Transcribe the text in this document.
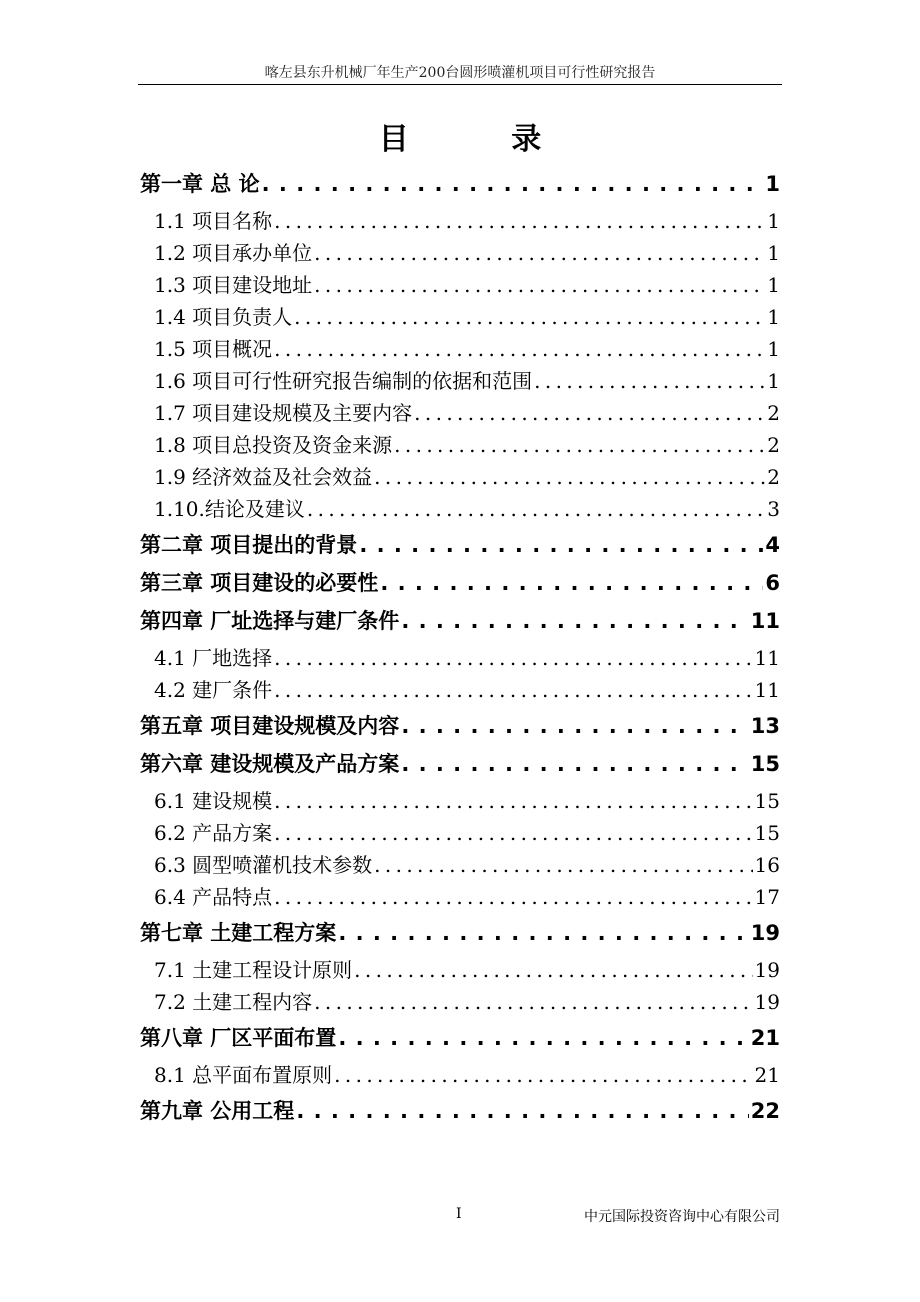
喀左县东升机械厂年生产200台圆形喷灌机项目可行性研究报告
目 录
第一章 总 论 . . .	1
1.1 项目名称 . . .	1
1.2 项目承办单位 . . .	1
1.3 项目建设地址 . . .	1
1.4 项目负责人 . . .	1
1.5 项目概况 . . .	1
1.6 项目可行性研究报告编制的依据和范围 . . .	1
1.7 项目建设规模及主要内容 . . .	2
1.8 项目总投资及资金来源 . . .	2
1.9 经济效益及社会效益 . . .	2
1.10.结论及建议 . . .	3
第二章 项目提出的背景 . . .	4
第三章 项目建设的必要性 . . .	6
第四章 厂址选择与建厂条件 . . .	11
4.1 厂地选择 . . .	11
4.2 建厂条件 . . .	11
第五章 项目建设规模及内容 . . .	13
第六章 建设规模及产品方案 . . .	15
6.1 建设规模 . . .	15
6.2 产品方案 . . .	15
6.3 圆型喷灌机技术参数 . . .	16
6.4 产品特点 . . .	17
第七章 土建工程方案 . . .	19
7.1 土建工程设计原则 . . .	19
7.2 土建工程内容 . . .	19
第八章 厂区平面布置 . . .	21
8.1 总平面布置原则 . . .	21
第九章 公用工程 . . .	22
I	中元国际投资咨询中心有限公司
